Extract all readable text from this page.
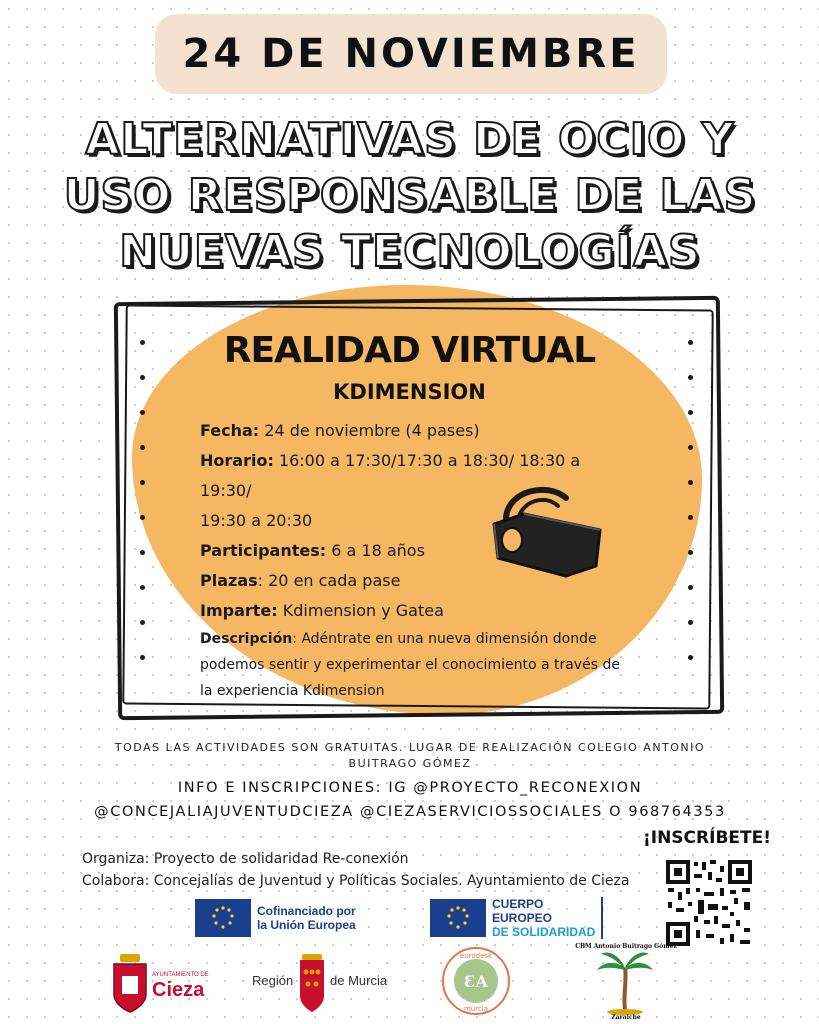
24 DE NOVIEMBRE
ALTERNATIVAS DE OCIO Y
USO RESPONSABLE DE LAS
NUEVAS TECNOLOGÍAS
REALIDAD VIRTUAL
KDIMENSION
Fecha: 24 de noviembre (4 pases)
Horario: 16:00 a 17:30/17:30 a 18:30/ 18:30 a 19:30/
19:30 a 20:30
Participantes: 6 a 18 años
Plazas: 20 en cada pase
Imparte: Kdimension y Gatea
Descripción: Adéntrate en una nueva dimensión donde podemos sentir y experimentar el conocimiento a través de la experiencia Kdimension
TODAS LAS ACTIVIDADES SON GRATUITAS. LUGAR DE REALIZACIÓN COLEGIO ANTONIO
BUITRAGO GÓMEZ
INFO E INSCRIPCIONES: IG @PROYECTO_RECONEXION
@CONCEJALIAJUVENTUDCIEZA @CIEZASERVICIOSSOCIALES O 968764353
Organiza: Proyecto de solidaridad Re-conexión
Colabora: Concejalías de Juventud y Políticas Sociales. Ayuntamiento de Cieza
¡INSCRÍBETE!
Cofinanciado por
la Unión Europea
CUERPO
EUROPEO
DE SOLIDARIDAD
AYUNTAMIENTO DE
Cieza	Región	de Murcia	ƐA
eurodesk
murcia
CBM Antonio Buitrago Gómez
Zaraiche
